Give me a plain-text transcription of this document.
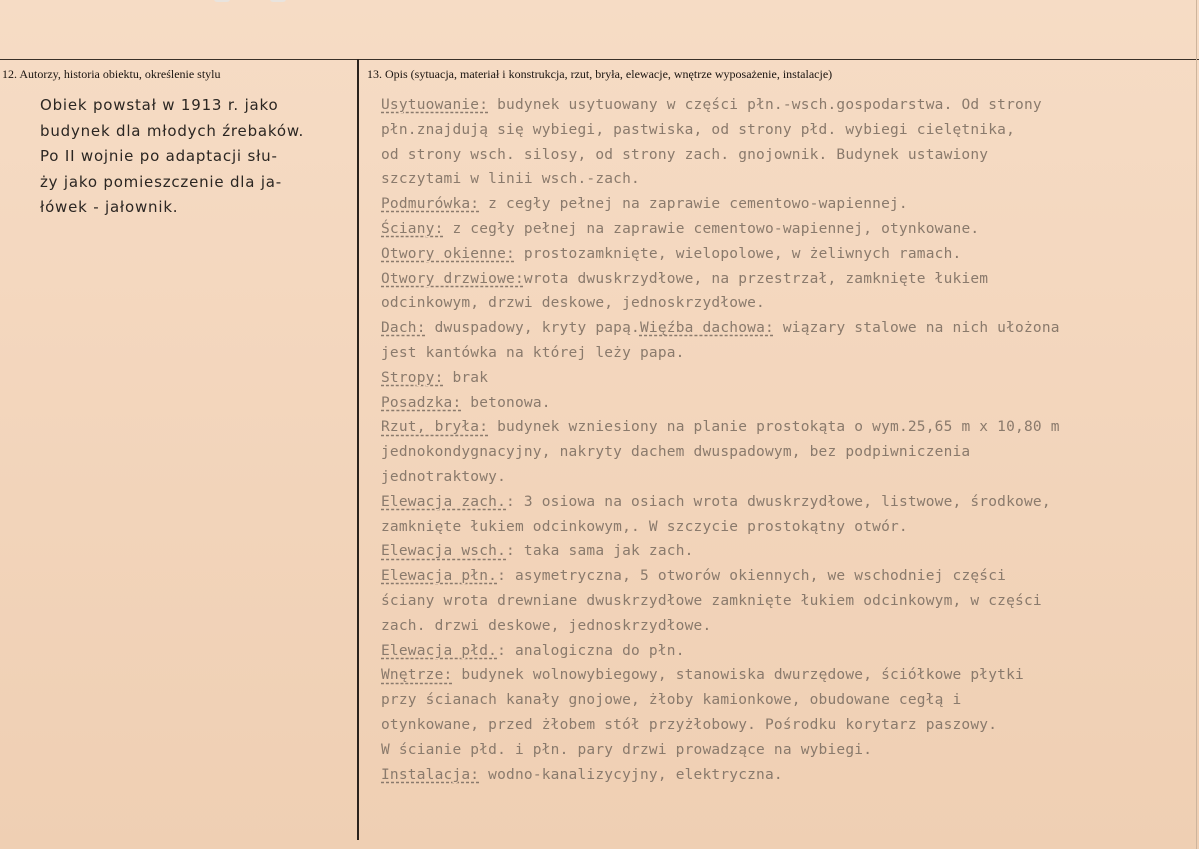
12. Autorzy, historia obiektu, określenie stylu	13. Opis (sytuacja, materiał i konstrukcja, rzut, bryła, elewacje, wnętrze wyposażenie, instalacje)
Obiek powstał w 1913 r. jako
budynek dla młodych źrebaków.
Po II wojnie po adaptacji słu-
ży jako pomieszczenie dla ja-
łówek - jałownik.
Usytuowanie: budynek usytuowany w części płn.-wsch.gospodarstwa. Od strony
płn.znajdują się wybiegi, pastwiska, od strony płd. wybiegi cielętnika,
od strony wsch. silosy, od strony zach. gnojownik. Budynek ustawiony
szczytami w linii wsch.-zach.
Podmurówka: z cegły pełnej na zaprawie cementowo-wapiennej.
Ściany: z cegły pełnej na zaprawie cementowo-wapiennej, otynkowane.
Otwory okienne: prostozamknięte, wielopolowe, w żeliwnych ramach.
Otwory drzwiowe:wrota dwuskrzydłowe, na przestrzał, zamknięte łukiem
odcinkowym, drzwi deskowe, jednoskrzydłowe.
Dach: dwuspadowy, kryty papą.Więźba dachowa: wiązary stalowe na nich ułożona
jest kantówka na której leży papa.
Stropy: brak
Posadzka: betonowa.
Rzut, bryła: budynek wzniesiony na planie prostokąta o wym.25,65 m x 10,80 m
jednokondygnacyjny, nakryty dachem dwuspadowym, bez podpiwniczenia
jednotraktowy.
Elewacja zach.: 3 osiowa na osiach wrota dwuskrzydłowe, listwowe, środkowe,
zamknięte łukiem odcinkowym,. W szczycie prostokątny otwór.
Elewacja wsch.: taka sama jak zach.
Elewacja płn.: asymetryczna, 5 otworów okiennych, we wschodniej części
ściany wrota drewniane dwuskrzydłowe zamknięte łukiem odcinkowym, w części
zach. drzwi deskowe, jednoskrzydłowe.
Elewacja płd.: analogiczna do płn.
Wnętrze: budynek wolnowybiegowy, stanowiska dwurzędowe, ściółkowe płytki
przy ścianach kanały gnojowe, żłoby kamionkowe, obudowane cegłą i
otynkowane, przed żłobem stół przyżłobowy. Pośrodku korytarz paszowy.
W ścianie płd. i płn. pary drzwi prowadzące na wybiegi.
Instalacja: wodno-kanalizycyjny, elektryczna.
